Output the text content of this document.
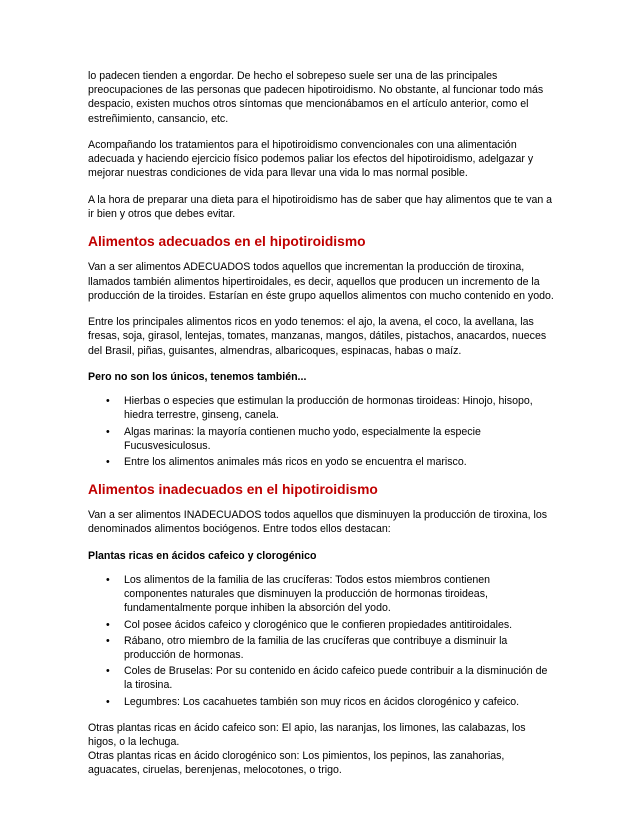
lo padecen tienden a engordar. De hecho el sobrepeso suele ser una de las principales preocupaciones de las personas que padecen hipotiroidismo. No obstante, al funcionar todo más despacio, existen muchos otros síntomas que mencionábamos en el artículo anterior, como el estreñimiento, cansancio, etc.

Acompañando los tratamientos para el hipotiroidismo convencionales con una alimentación adecuada y haciendo ejercicio físico podemos paliar los efectos del hipotiroidismo, adelgazar y mejorar nuestras condiciones de vida para llevar una vida lo mas normal posible.

A la hora de preparar una dieta para el hipotiroidismo has de saber que hay alimentos que te van a ir bien y otros que debes evitar.

Alimentos adecuados en el hipotiroidismo

Van a ser alimentos ADECUADOS todos aquellos que incrementan la producción de tiroxina, llamados también alimentos hipertiroidales, es decir, aquellos que producen un incremento de la producción de la tiroides. Estarían en éste grupo aquellos alimentos con mucho contenido en yodo.

Entre los principales alimentos ricos en yodo tenemos: el ajo, la avena, el coco, la avellana, las fresas, soja, girasol, lentejas, tomates, manzanas, mangos, dátiles, pistachos, anacardos, nueces del Brasil, piñas, guisantes, almendras, albaricoques, espinacas, habas o maíz.

Pero no son los únicos, tenemos también...

• Hierbas o especies que estimulan la producción de hormonas tiroideas: Hinojo, hisopo, hiedra terrestre, ginseng, canela.
• Algas marinas: la mayoría contienen mucho yodo, especialmente la especie Fucusvesiculosus.
• Entre los alimentos animales más ricos en yodo se encuentra el marisco.
Alimentos inadecuados en el hipotiroidismo

Van a ser alimentos INADECUADOS todos aquellos que disminuyen la producción de tiroxina, los denominados alimentos bociógenos. Entre todos ellos destacan:

Plantas ricas en ácidos cafeico y clorogénico

• Los alimentos de la familia de las crucíferas: Todos estos miembros contienen componentes naturales que disminuyen la producción de hormonas tiroideas, fundamentalmente porque inhiben la absorción del yodo.
• Col posee ácidos cafeico y clorogénico que le confieren propiedades antitiroidales.
• Rábano, otro miembro de la familia de las crucíferas que contribuye a disminuir la producción de hormonas.
• Coles de Bruselas: Por su contenido en ácido cafeico puede contribuir a la disminución de la tirosina.
• Legumbres: Los cacahuetes también son muy ricos en ácidos clorogénico y cafeico.

Otras plantas ricas en ácido cafeico son: El apio, las naranjas, los limones, las calabazas, los higos, o la lechuga.

Otras plantas ricas en ácido clorogénico son: Los pimientos, los pepinos, las zanahorias, aguacates, ciruelas, berenjenas, melocotones, o trigo.
